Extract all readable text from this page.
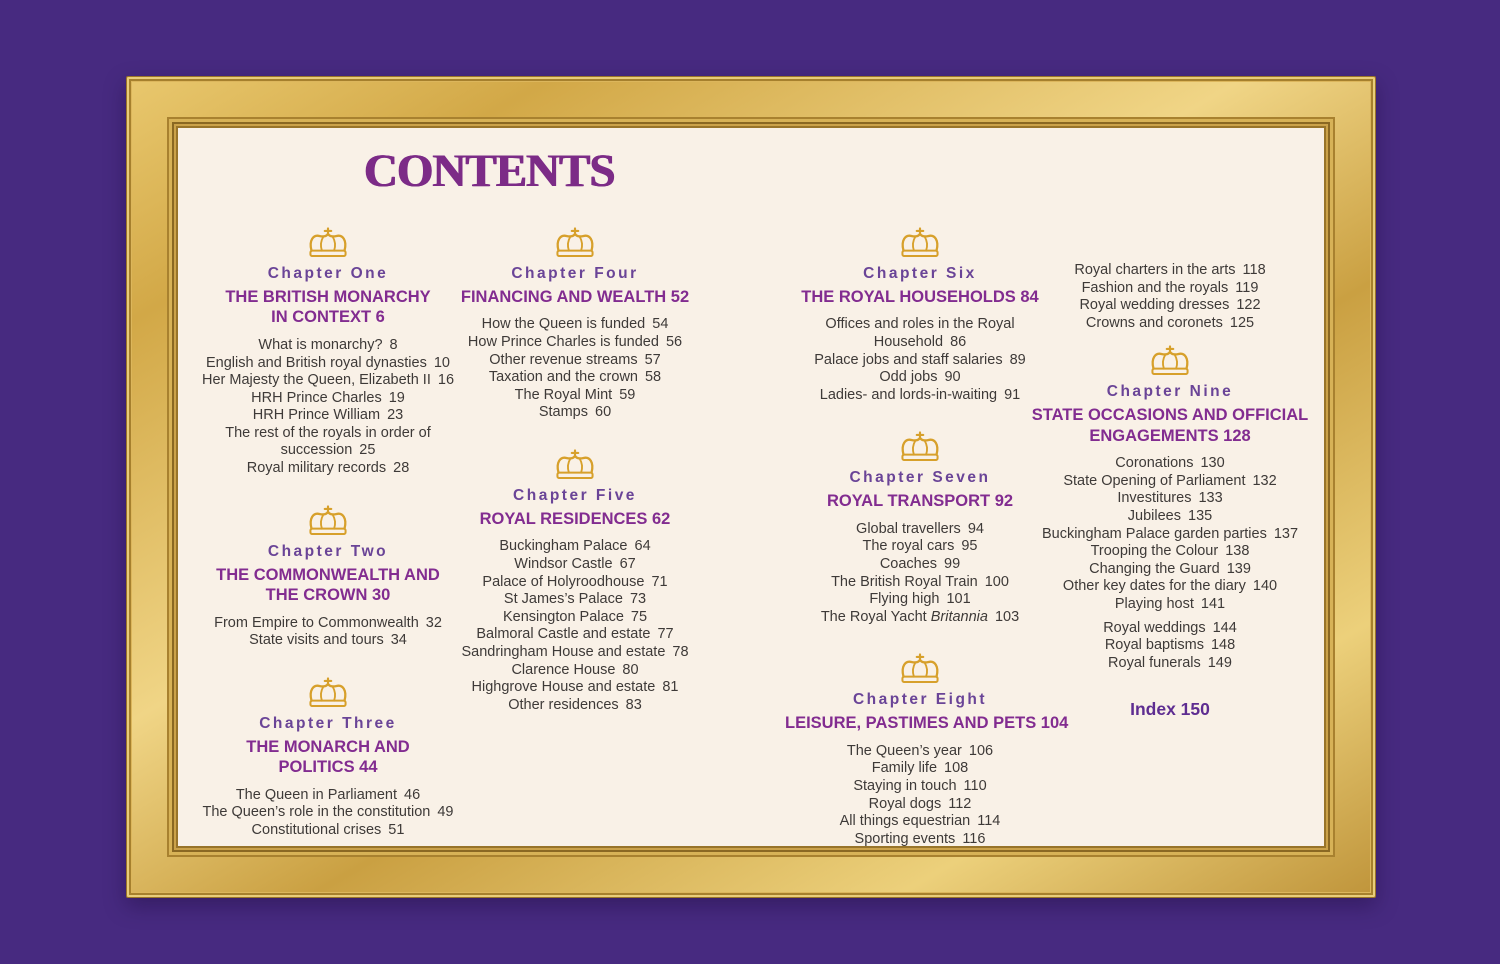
CONTENTS
Chapter One
THE BRITISH MONARCHY
IN CONTEXT 6
What is monarchy? 8
English and British royal dynasties 10
Her Majesty the Queen, Elizabeth II 16
HRH Prince Charles 19
HRH Prince William 23
The rest of the royals in order of
succession 25
Royal military records 28
Chapter Two
THE COMMONWEALTH AND
THE CROWN 30
From Empire to Commonwealth 32
State visits and tours 34
Chapter Three
THE MONARCH AND
POLITICS 44
The Queen in Parliament 46
The Queen’s role in the constitution 49
Constitutional crises 51
Chapter Four
FINANCING AND WEALTH 52
How the Queen is funded 54
How Prince Charles is funded 56
Other revenue streams 57
Taxation and the crown 58
The Royal Mint 59
Stamps 60
Chapter Five
ROYAL RESIDENCES 62
Buckingham Palace 64
Windsor Castle 67
Palace of Holyroodhouse 71
St James’s Palace 73
Kensington Palace 75
Balmoral Castle and estate 77
Sandringham House and estate 78
Clarence House 80
Highgrove House and estate 81
Other residences 83
Chapter Six
THE ROYAL HOUSEHOLDS 84
Offices and roles in the Royal
Household 86
Palace jobs and staff salaries 89
Odd jobs 90
Ladies- and lords-in-waiting 91
Chapter Seven
ROYAL TRANSPORT 92
Global travellers 94
The royal cars 95
Coaches 99
The British Royal Train 100
Flying high 101
The Royal Yacht Britannia 103
Chapter Eight
LEISURE, PASTIMES AND PETS 104
The Queen’s year 106
Family life 108
Staying in touch 110
Royal dogs 112
All things equestrian 114
Sporting events 116
Royal charters in the arts 118
Fashion and the royals 119
Royal wedding dresses 122
Crowns and coronets 125
Chapter Nine
STATE OCCASIONS AND OFFICIAL
ENGAGEMENTS 128
Coronations 130
State Opening of Parliament 132
Investitures 133
Jubilees 135
Buckingham Palace garden parties 137
Trooping the Colour 138
Changing the Guard 139
Other key dates for the diary 140
Playing host 141
Royal weddings 144
Royal baptisms 148
Royal funerals 149
Index 150
